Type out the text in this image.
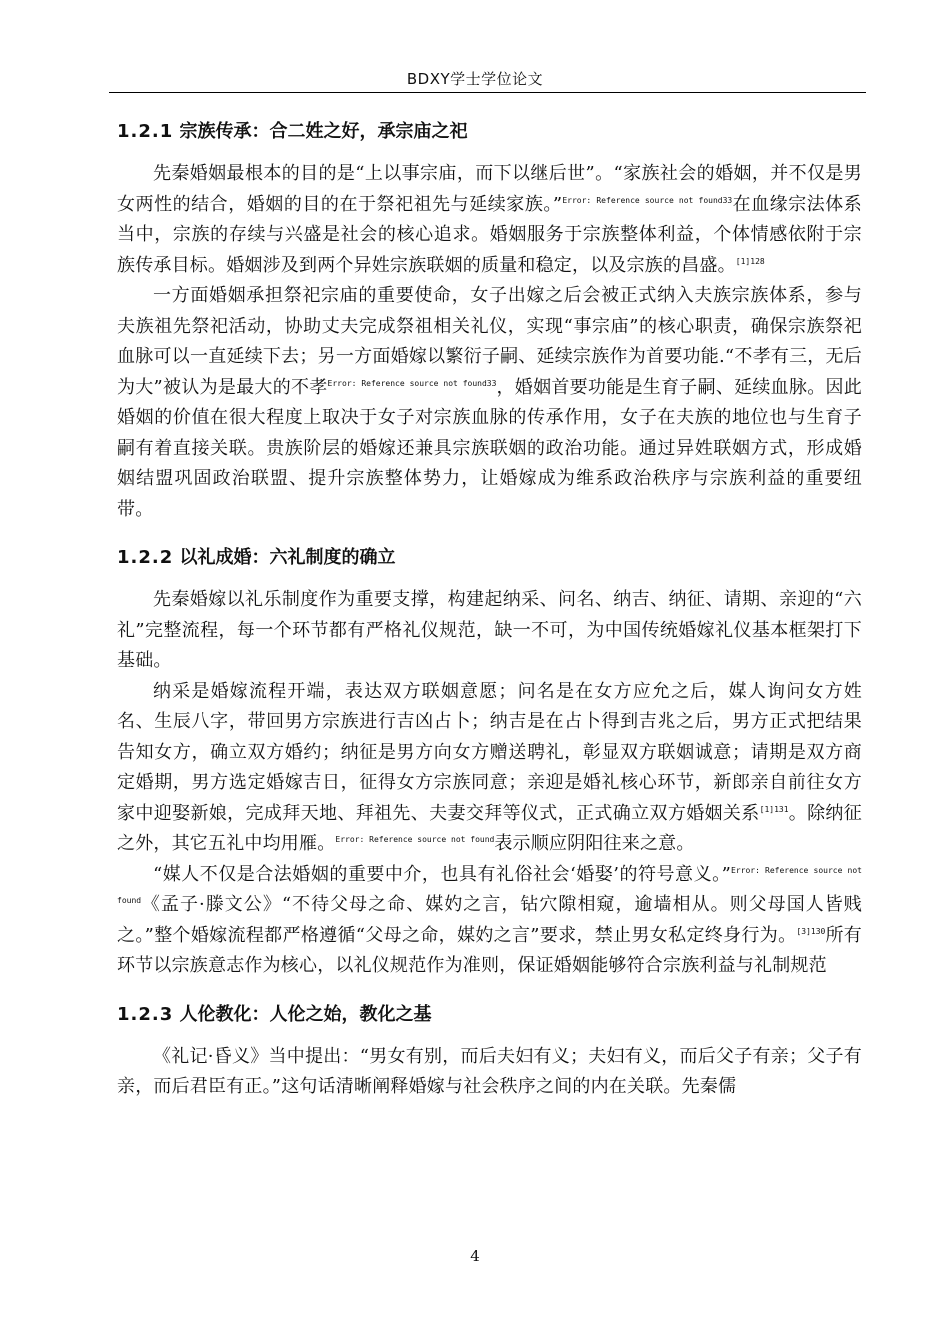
BDXY学士学位论文
1.2.1 宗族传承：合二姓之好，承宗庙之祀

先秦婚姻最根本的目的是“上以事宗庙，而下以继后世”。“家族社会的婚姻，并不仅是男女两性的结合，婚姻的目的在于祭祀祖先与延续家族。”$^{Error: Reference source not found33}$在血缘宗法体系当中，宗族的存续与兴盛是社会的核心追求。婚姻服务于宗族整体利益，个体情感依附于宗族传承目标。婚姻涉及到两个异姓宗族联姻的质量和稳定，以及宗族的昌盛。$^{[1]128}$

一方面婚姻承担祭祀宗庙的重要使命，女子出嫁之后会被正式纳入夫族宗族体系，参与夫族祖先祭祀活动，协助丈夫完成祭祖相关礼仪，实现“事宗庙”的核心职责，确保宗族祭祀血脉可以一直延续下去；另一方面婚嫁以繁衍子嗣、延续宗族作为首要功能.“不孝有三，无后为大”被认为是最大的不孝$^{Error: Reference source not found33}$，婚姻首要功能是生育子嗣、延续血脉。因此婚姻的价值在很大程度上取决于女子对宗族血脉的传承作用，女子在夫族的地位也与生育子嗣有着直接关联。贵族阶层的婚嫁还兼具宗族联姻的政治功能。通过异姓联姻方式，形成婚姻结盟巩固政治联盟、提升宗族整体势力，让婚嫁成为维系政治秩序与宗族利益的重要纽带。

1.2.2 以礼成婚：六礼制度的确立

先秦婚嫁以礼乐制度作为重要支撑，构建起纳采、问名、纳吉、纳征、请期、亲迎的“六礼”完整流程，每一个环节都有严格礼仪规范，缺一不可，为中国传统婚嫁礼仪基本框架打下基础。

纳采是婚嫁流程开端，表达双方联姻意愿；问名是在女方应允之后，媒人询问女方姓名、生辰八字，带回男方宗族进行吉凶占卜；纳吉是在占卜得到吉兆之后，男方正式把结果告知女方，确立双方婚约；纳征是男方向女方赠送聘礼，彰显双方联姻诚意；请期是双方商定婚期，男方选定婚嫁吉日，征得女方宗族同意；亲迎是婚礼核心环节，新郎亲自前往女方家中迎娶新娘，完成拜天地、拜祖先、夫妻交拜等仪式，正式确立双方婚姻关系$^{[1]131}$。除纳征之外，其它五礼中均用雁。$^{Error: Reference source not found}$表示顺应阴阳往来之意。

“媒人不仅是合法婚姻的重要中介，也具有礼俗社会‘婚娶’的符号意义。”$^{Error: Reference source not found}$《孟子·滕文公》“不待父母之命、媒妁之言，钻穴隙相窥，逾墙相从。则父母国人皆贱之。”整个婚嫁流程都严格遵循“父母之命，媒妁之言”要求，禁止男女私定终身行为。$^{[3]130}$所有环节以宗族意志作为核心，以礼仪规范作为准则，保证婚姻能够符合宗族利益与礼制规范

1.2.3 人伦教化：人伦之始，教化之基

《礼记·昏义》当中提出：“男女有别，而后夫妇有义；夫妇有义，而后父子有亲；父子有亲，而后君臣有正。”这句话清晰阐释婚嫁与社会秩序之间的内在关联。先秦儒

4
